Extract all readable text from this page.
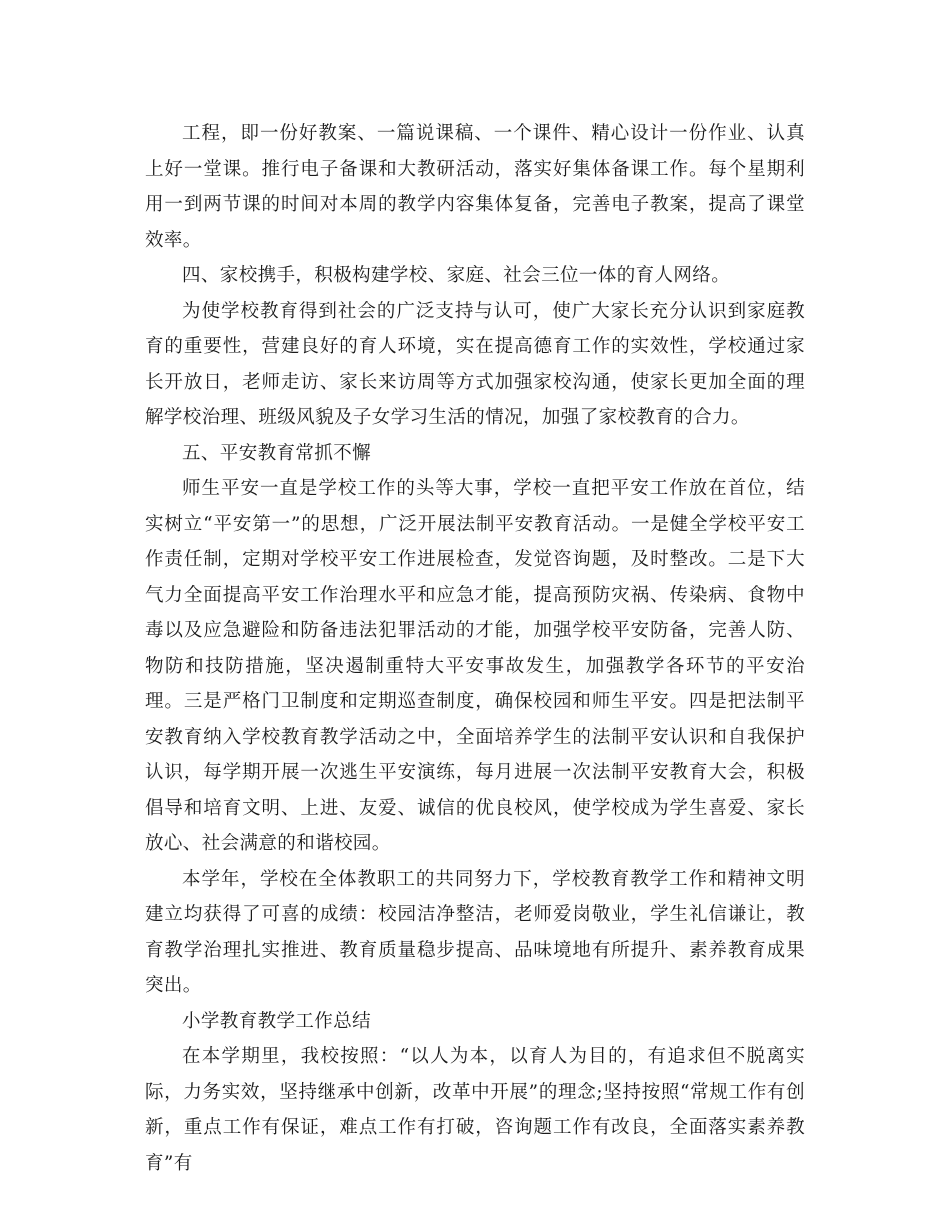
工程，即一份好教案、一篇说课稿、一个课件、精心设计一份作业、认真上好一堂课。推行电子备课和大教研活动，落实好集体备课工作。每个星期利用一到两节课的时间对本周的教学内容集体复备，完善电子教案，提高了课堂效率。

四、家校携手，积极构建学校、家庭、社会三位一体的育人网络。

为使学校教育得到社会的广泛支持与认可，使广大家长充分认识到家庭教育的重要性，营建良好的育人环境，实在提高德育工作的实效性，学校通过家长开放日，老师走访、家长来访周等方式加强家校沟通，使家长更加全面的理解学校治理、班级风貌及子女学习生活的情况，加强了家校教育的合力。

五、平安教育常抓不懈

师生平安一直是学校工作的头等大事，学校一直把平安工作放在首位，结实树立“平安第一”的思想，广泛开展法制平安教育活动。一是健全学校平安工作责任制，定期对学校平安工作进展检查，发觉咨询题，及时整改。二是下大气力全面提高平安工作治理水平和应急才能，提高预防灾祸、传染病、食物中毒以及应急避险和防备违法犯罪活动的才能，加强学校平安防备，完善人防、物防和技防措施，坚决遏制重特大平安事故发生，加强教学各环节的平安治理。三是严格门卫制度和定期巡查制度，确保校园和师生平安。四是把法制平安教育纳入学校教育教学活动之中，全面培养学生的法制平安认识和自我保护认识，每学期开展一次逃生平安演练，每月进展一次法制平安教育大会，积极倡导和培育文明、上进、友爱、诚信的优良校风，使学校成为学生喜爱、家长放心、社会满意的和谐校园。

本学年，学校在全体教职工的共同努力下，学校教育教学工作和精神文明建立均获得了可喜的成绩：校园洁净整洁，老师爱岗敬业，学生礼信谦让，教育教学治理扎实推进、教育质量稳步提高、品味境地有所提升、素养教育成果突出。

小学教育教学工作总结

在本学期里，我校按照：“以人为本，以育人为目的，有追求但不脱离实际，力务实效，坚持继承中创新，改革中开展”的理念;坚持按照“常规工作有创新，重点工作有保证，难点工作有打破，咨询题工作有改良，全面落实素养教育”有
